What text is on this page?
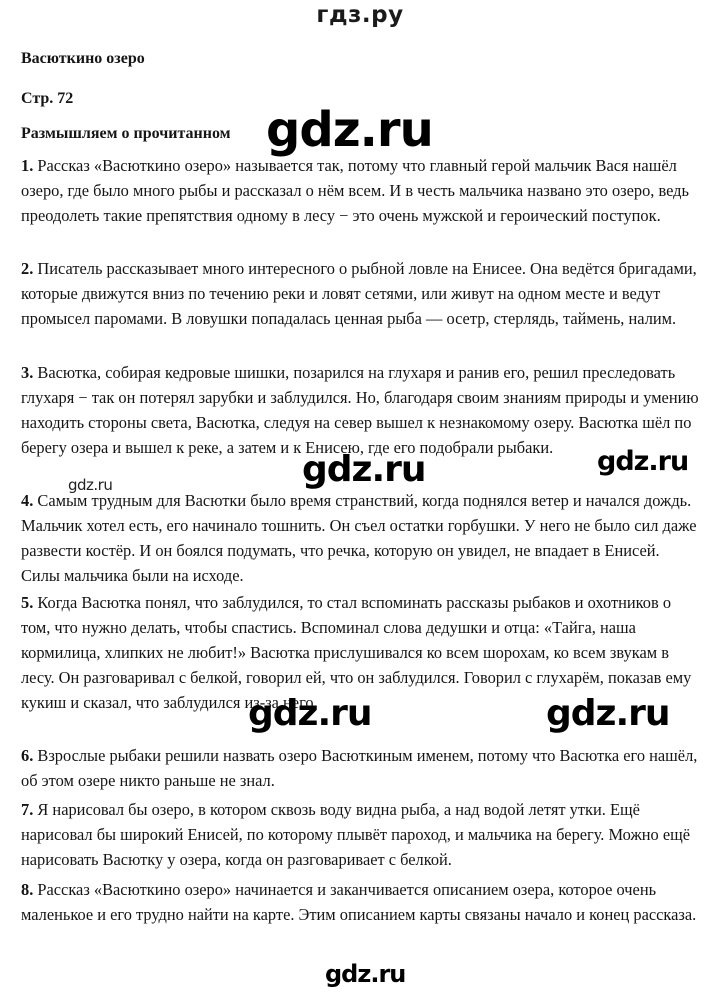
гдз.ру
Васюткино озеро
Стр. 72
Размышляем о прочитанном
1. Рассказ «Васюткино озеро» называется так, потому что главный герой мальчик Вася нашёл озеро, где было много рыбы и рассказал о нём всем. И в честь мальчика названо это озеро, ведь преодолеть такие препятствия одному в лесу − это очень мужской и героический поступок.
2. Писатель рассказывает много интересного о рыбной ловле на Енисее. Она ведётся бригадами, которые движутся вниз по течению реки и ловят сетями, или живут на одном месте и ведут промысел паромами. В ловушки попадалась ценная рыба — осетр, стерлядь, таймень, налим.
3. Васютка, собирая кедровые шишки, позарился на глухаря и ранив его, решил преследовать глухаря − так он потерял зарубки и заблудился. Но, благодаря своим знаниям природы и умению находить стороны света, Васютка, следуя на север вышел к незнакомому озеру. Васютка шёл по берегу озера и вышел к реке, а затем и к Енисею, где его подобрали рыбаки.
4. Самым трудным для Васютки было время странствий, когда поднялся ветер и начался дождь. Мальчик хотел есть, его начинало тошнить. Он съел остатки горбушки. У него не было сил даже развести костёр. И он боялся подумать, что речка, которую он увидел, не впадает в Енисей. Силы мальчика были на исходе.
5. Когда Васютка понял, что заблудился, то стал вспоминать рассказы рыбаков и охотников о том, что нужно делать, чтобы спастись. Вспоминал слова дедушки и отца: «Тайга, наша кормилица, хлипких не любит!» Васютка прислушивался ко всем шорохам, ко всем звукам в лесу. Он разговаривал с белкой, говорил ей, что он заблудился. Говорил с глухарём, показав ему кукиш и сказал, что заблудился из-за него.
6. Взрослые рыбаки решили назвать озеро Васюткиным именем, потому что Васютка его нашёл, об этом озере никто раньше не знал.
7. Я нарисовал бы озеро, в котором сквозь воду видна рыба, а над водой летят утки. Ещё нарисовал бы широкий Енисей, по которому плывёт пароход, и мальчика на берегу. Можно ещё нарисовать Васютку у озера, когда он разговаривает с белкой.
8. Рассказ «Васюткино озеро» начинается и заканчивается описанием озера, которое очень маленькое и его трудно найти на карте. Этим описанием карты связаны начало и конец рассказа.
gdz.ru
gdz.ru	gdz.ru
gdz.ru
gdz.ru	gdz.ru
gdz.ru
